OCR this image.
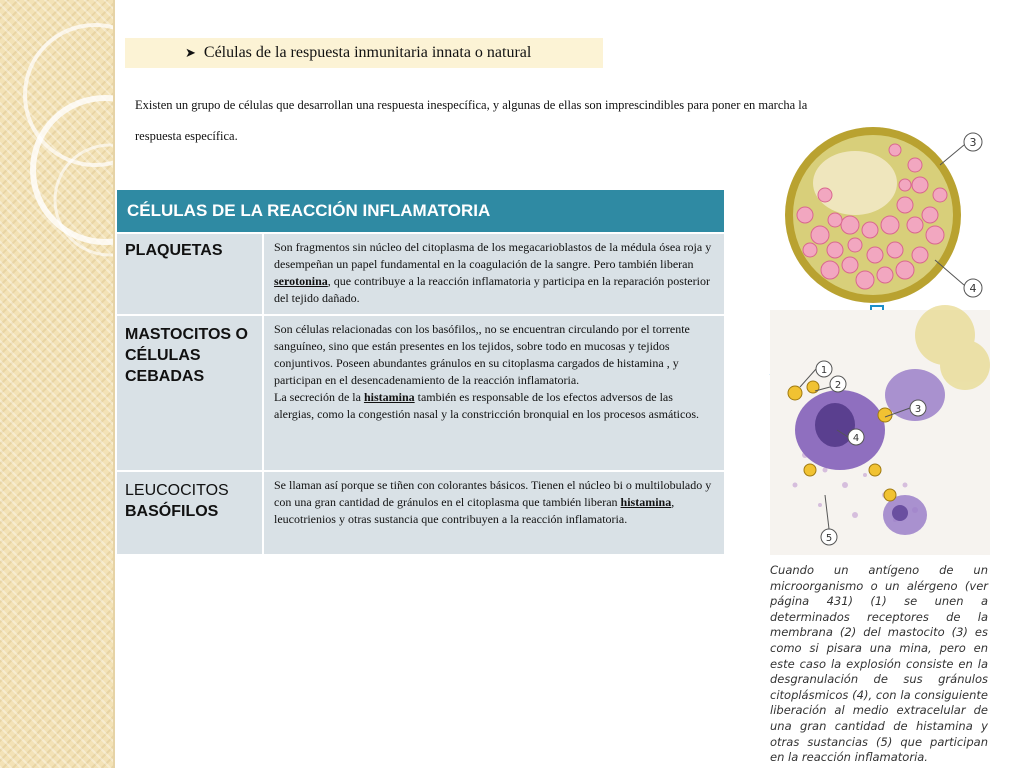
➤ Células de la respuesta inmunitaria innata o natural
Existen un grupo de células que desarrollan una respuesta inespecífica, y algunas de ellas son imprescindibles para poner en marcha la respuesta específica.
CÉLULAS DE LA REACCIÓN INFLAMATORIA
PLAQUETAS	Son fragmentos sin núcleo del citoplasma de los megacarioblastos de la médula ósea roja y desempeñan un papel fundamental en la coagulación de la sangre. Pero también liberan serotonina, que contribuye a la reacción inflamatoria y participa en la reparación posterior del tejido dañado.
MASTOCITOS O CÉLULAS CEBADAS
Son células relacionadas con los basófilos,, no se encuentran circulando por el torrente sanguíneo, sino que están presentes en los tejidos, sobre todo en mucosas y tejidos conjuntivos. Poseen abundantes gránulos en su citoplasma cargados de histamina , y participan en el desencadenamiento de la reacción inflamatoria.
La secreción de la histamina también es responsable de los efectos adversos de las alergias, como la congestión nasal y la constricción bronquial en los procesos asmáticos.
LEUCOCITOS
BASÓFILOS
Se llaman así porque se tiñen con colorantes básicos. Tienen el núcleo bi o multilobulado y con una gran cantidad de gránulos en el citoplasma que también liberan histamina, leucotrienios y otras sustancia que contribuyen a la reacción inflamatoria.
3
4
1
2
3
4
5
Cuando un antígeno de un microorganismo o un alérgeno (ver página 431) (1) se unen a determinados receptores de la membrana (2) del mastocito (3) es como si pisara una mina, pero en este caso la explosión consiste en la desgranulación de sus gránulos citoplásmicos (4), con la consiguiente liberación al medio extracelular de una gran cantidad de histamina y otras sustancias (5) que participan en la reacción inflamatoria.
